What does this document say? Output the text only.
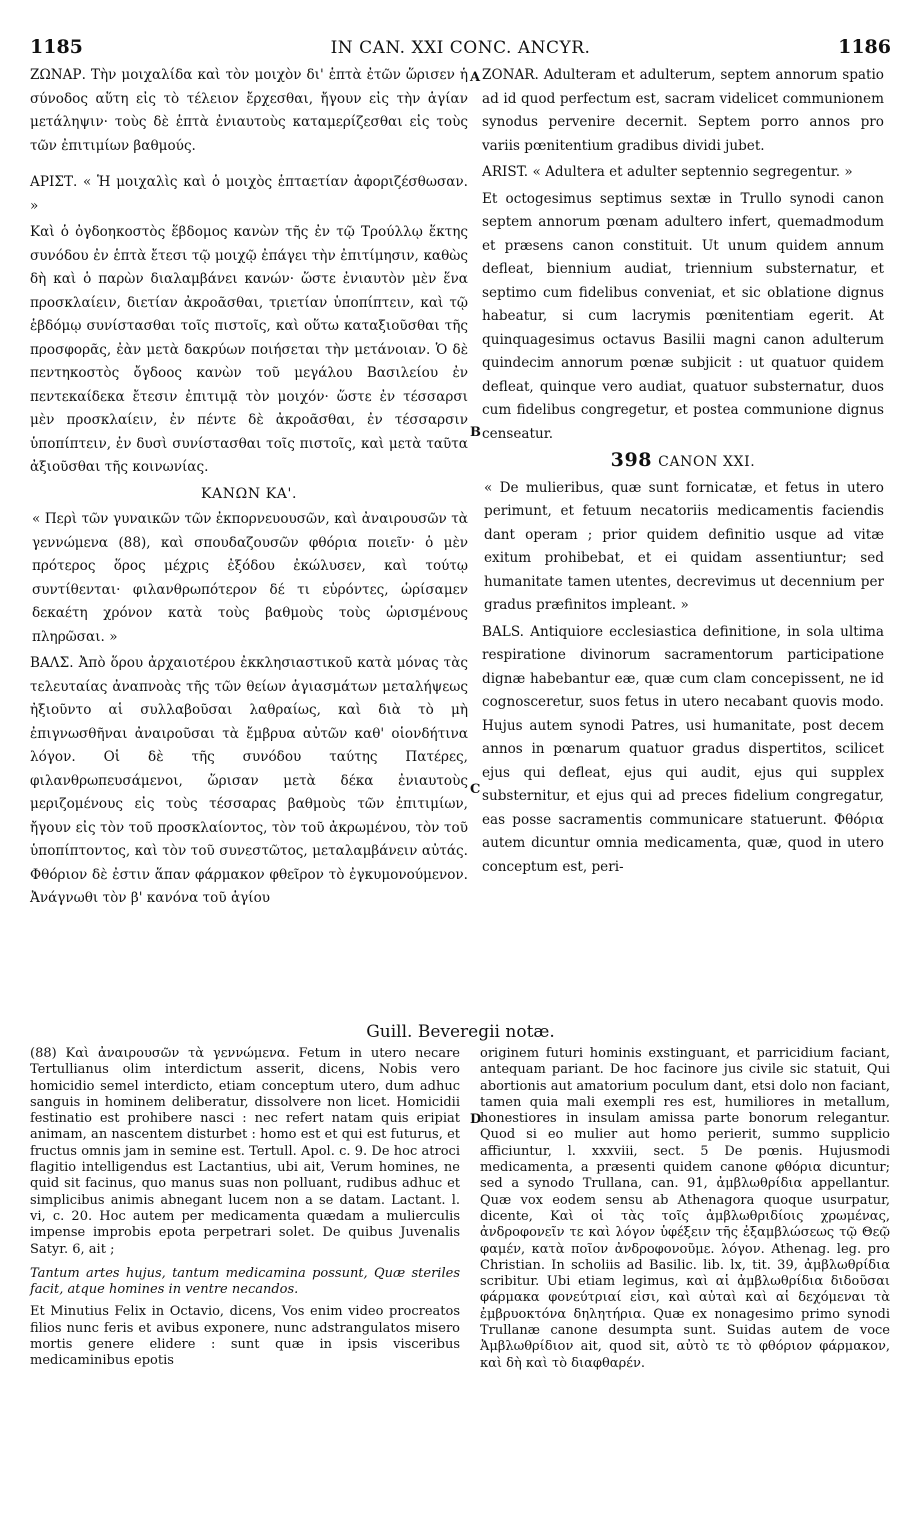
1185	IN CAN. XXI CONC. ANCYR.	1186

ΖΩΝΑΡ. Τὴν μοιχαλίδα καὶ τὸν μοιχὸν δι' ἑπτὰ ἐτῶν ὥρισεν ἡ σύνοδος αὕτη εἰς τὸ τέλειον ἔρχεσθαι, ἤγουν εἰς τὴν ἁγίαν μετάληψιν· τοὺς δὲ ἑπτὰ ἐνιαυτοὺς καταμερίζεσθαι εἰς τοὺς τῶν ἐπιτιμίων βαθμούς.

ΑΡΙΣΤ. « Ἡ μοιχαλὶς καὶ ὁ μοιχὸς ἑπταετίαν ἀφοριζέσθωσαν. »

Καὶ ὁ ὀγδοηκοστὸς ἕβδομος κανὼν τῆς ἐν τῷ Τρούλλῳ ἕκτης συνόδου ἐν ἑπτὰ ἔτεσι τῷ μοιχῷ ἐπάγει τὴν ἐπιτίμησιν, καθὼς δὴ καὶ ὁ παρὼν διαλαμβάνει κανών· ὥστε ἐνιαυτὸν μὲν ἕνα προσκλαίειν, διετίαν ἀκροᾶσθαι, τριετίαν ὑποπίπτειν, καὶ τῷ ἑβδόμῳ συνίστασθαι τοῖς πιστοῖς, καὶ οὕτω καταξιοῦσθαι τῆς προσφορᾶς, ἐὰν μετὰ δακρύων ποιήσεται τὴν μετάνοιαν. Ὁ δὲ πεντηκοστὸς ὄγδοος κανὼν τοῦ μεγάλου Βασιλείου ἐν πεντεκαίδεκα ἔτεσιν ἐπιτιμᾷ τὸν μοιχόν· ὥστε ἐν τέσσαρσι μὲν προσκλαίειν, ἐν πέντε δὲ ἀκροᾶσθαι, ἐν τέσσαρσιν ὑποπίπτειν, ἐν δυσὶ συνίστασθαι τοῖς πιστοῖς, καὶ μετὰ ταῦτα ἀξιοῦσθαι τῆς κοινωνίας.

ΚΑΝΩΝ ΚΑ'.

« Περὶ τῶν γυναικῶν τῶν ἐκπορνευουσῶν, καὶ ἀναιρουσῶν τὰ γεννώμενα (88), καὶ σπουδαζουσῶν φθόρια ποιεῖν· ὁ μὲν πρότερος ὅρος μέχρις ἐξόδου ἐκώλυσεν, καὶ τούτῳ συντίθενται· φιλανθρωπότερον δέ τι εὑρόντες, ὡρίσαμεν δεκαέτη χρόνον κατὰ τοὺς βαθμοὺς τοὺς ὡρισμένους πληρῶσαι. »

ΒΑΛΣ. Ἀπὸ ὅρου ἀρχαιοτέρου ἐκκλησιαστικοῦ κατὰ μόνας τὰς τελευταίας ἀναπνοὰς τῆς τῶν θείων ἁγιασμάτων μεταλήψεως ἠξιοῦντο αἱ συλλαβοῦσαι λαθραίως, καὶ διὰ τὸ μὴ ἐπιγνωσθῆναι ἀναιροῦσαι τὰ ἔμβρυα αὐτῶν καθ' οἱονδήτινα λόγον. Οἱ δὲ τῆς συνόδου ταύτης Πατέρες, φιλανθρωπευσάμενοι, ὥρισαν μετὰ δέκα ἐνιαυτοὺς μεριζομένους εἰς τοὺς τέσσαρας βαθμοὺς τῶν ἐπιτιμίων, ἤγουν εἰς τὸν τοῦ προσκλαίοντος, τὸν τοῦ ἀκρωμένου, τὸν τοῦ ὑποπίπτοντος, καὶ τὸν τοῦ συνεστῶτος, μεταλαμβάνειν αὐτάς. Φθόριον δὲ ἐστιν ἅπαν φάρμακον φθεῖρον τὸ ἐγκυμονούμενον. Ἀνάγνωθι τὸν β' κανόνα τοῦ ἁγίου

ZONAR. Adulteram et adulterum, septem annorum spatio ad id quod perfectum est, sacram videlicet communionem synodus pervenire decernit. Septem porro annos pro variis pœnitentium gradibus dividi jubet.

ARIST. « Adultera et adulter septennio segregentur. »

Et octogesimus septimus sextæ in Trullo synodi canon septem annorum pœnam adultero infert, quemadmodum et præsens canon constituit. Ut unum quidem annum defleat, biennium audiat, triennium substernatur, et septimo cum fidelibus conveniat, et sic oblatione dignus habeatur, si cum lacrymis pœnitentiam egerit. At quinquagesimus octavus Basilii magni canon adulterum quindecim annorum pœnæ subjicit : ut quatuor quidem defleat, quinque vero audiat, quatuor substernatur, duos cum fidelibus congregetur, et postea communione dignus censeatur.

398 CANON XXI.

« De mulieribus, quæ sunt fornicatæ, et fetus in utero perimunt, et fetuum necatoriis medicamentis faciendis dant operam ; prior quidem definitio usque ad vitæ exitum prohibebat, et ei quidam assentiuntur; sed humanitate tamen utentes, decrevimus ut decennium per gradus præfinitos impleant. »

BALS. Antiquiore ecclesiastica definitione, in sola ultima respiratione divinorum sacramentorum participatione dignæ habebantur eæ, quæ cum clam concepissent, ne id cognosceretur, suos fetus in utero necabant quovis modo. Hujus autem synodi Patres, usi humanitate, post decem annos in pœnarum quatuor gradus dispertitos, scilicet ejus qui defleat, ejus qui audit, ejus qui supplex substernitur, et ejus qui ad preces fidelium congregatur, eas posse sacramentis communicare statuerunt. Φθόρια autem dicuntur omnia medicamenta, quæ, quod in utero conceptum est, peri-

A
B
C
D
Guill. Beveregii notæ.

(88) Καὶ ἀναιρουσῶν τὰ γεννώμενα. Fetum in utero necare Tertullianus olim interdictum asserit, dicens, Nobis vero homicidio semel interdicto, etiam conceptum utero, dum adhuc sanguis in hominem deliberatur, dissolvere non licet. Homicidii festinatio est prohibere nasci : nec refert natam quis eripiat animam, an nascentem disturbet : homo est et qui est futurus, et fructus omnis jam in semine est. Tertull. Apol. c. 9. De hoc atroci flagitio intelligendus est Lactantius, ubi ait, Verum homines, ne quid sit facinus, quo manus suas non polluant, rudibus adhuc et simplicibus animis abnegant lucem non a se datam. Lactant. l. vi, c. 20. Hoc autem per medicamenta quædam a mulierculis impense improbis epota perpetrari solet. De quibus Juvenalis Satyr. 6, ait ;

Tantum artes hujus, tantum medicamina possunt, Quæ steriles facit, atque homines in ventre necandos.

Et Minutius Felix in Octavio, dicens, Vos enim video procreatos filios nunc feris et avibus exponere, nunc adstrangulatos misero mortis genere elidere : sunt quæ in ipsis visceribus medicaminibus epotis

originem futuri hominis exstinguant, et parricidium faciant, antequam pariant. De hoc facinore jus civile sic statuit, Qui abortionis aut amatorium poculum dant, etsi dolo non faciant, tamen quia mali exempli res est, humiliores in metallum, honestiores in insulam amissa parte bonorum relegantur. Quod si eo mulier aut homo perierit, summo supplicio afficiuntur, l. xxxviii, sect. 5 De pœnis. Hujusmodi medicamenta, a præsenti quidem canone φθόρια dicuntur; sed a synodo Trullana, can. 91, ἀμβλωθρίδια appellantur. Quæ vox eodem sensu ab Athenagora quoque usurpatur, dicente, Καὶ οἱ τὰς τοῖς ἀμβλωθριδίοις χρωμένας, ἀνδροφονεῖν τε καὶ λόγον ὑφέξειν τῆς ἐξαμβλώσεως τῷ Θεῷ φαμέν, κατὰ ποῖον ἀνδροφονοῦμε. λόγον. Athenag. leg. pro Christian. In scholiis ad Basilic. lib. lx, tit. 39, ἀμβλωθρίδια scribitur. Ubi etiam legimus, καὶ αἱ ἀμβλωθρίδια διδοῦσαι φάρμακα φονεύτριαί εἰσι, καὶ αὐταὶ καὶ αἱ δεχόμεναι τὰ ἐμβρυοκτόνα δηλητήρια. Quæ ex nonagesimo primo synodi Trullanæ canone desumpta sunt. Suidas autem de voce Ἀμβλωθρίδιον ait, quod sit, αὐτὸ τε τὸ φθόριον φάρμακον, καὶ δὴ καὶ τὸ διαφθαρέν.
